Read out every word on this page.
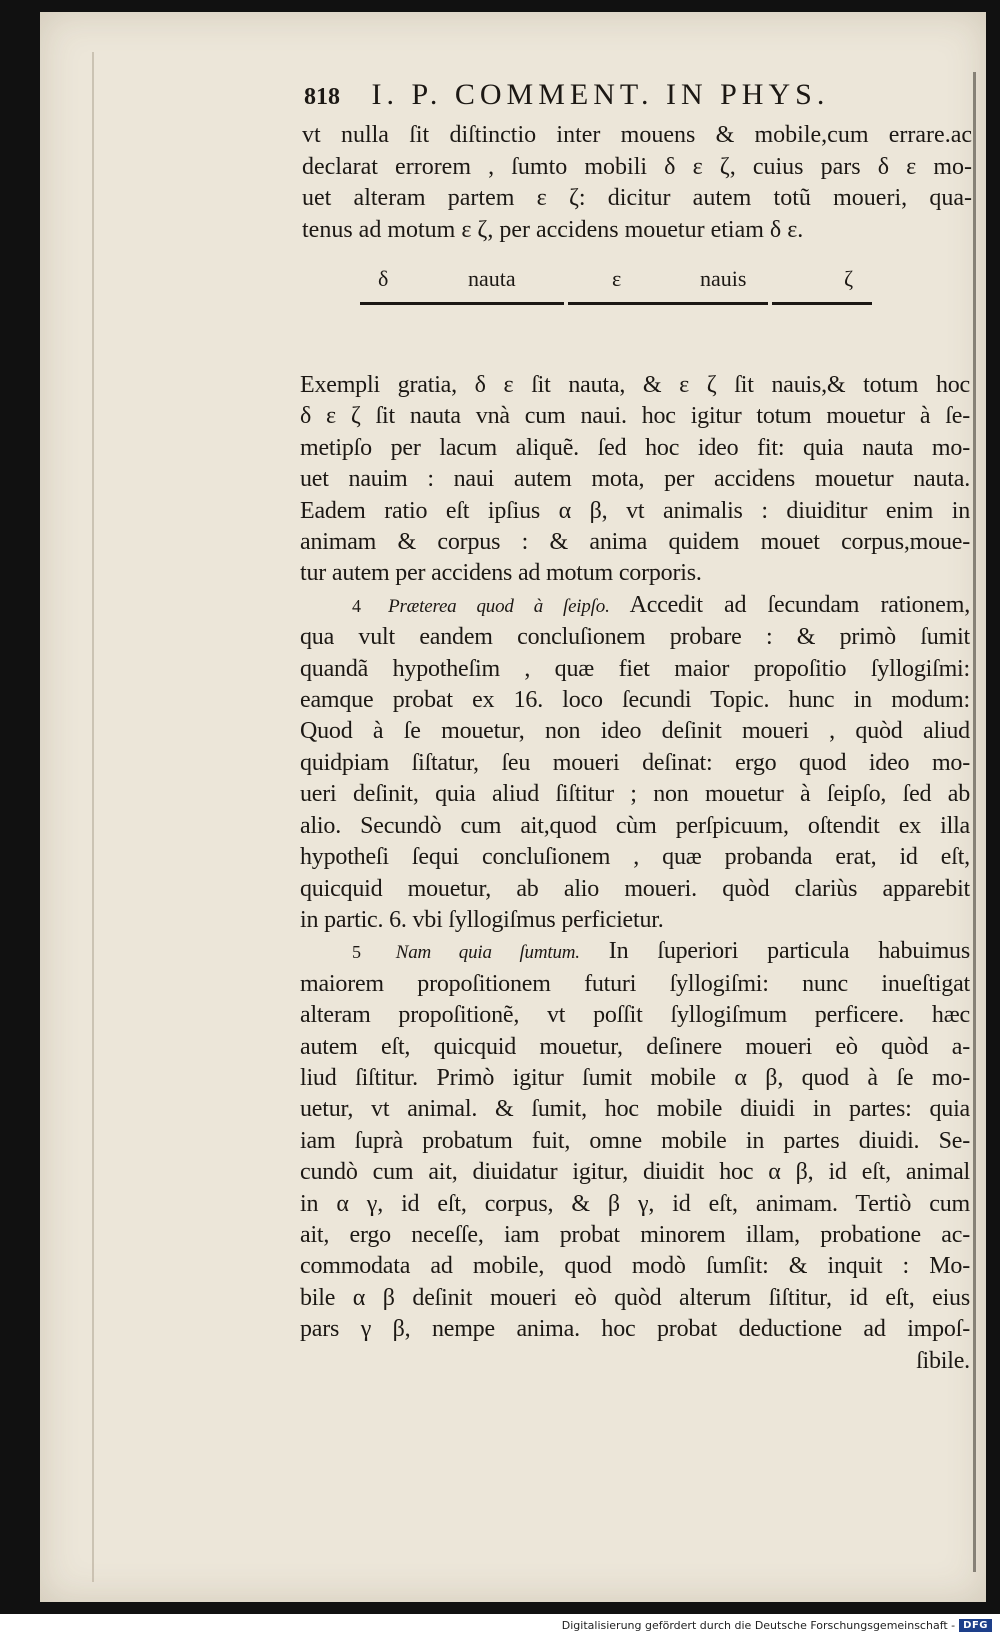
818 I. P. COMMENT. IN PHYS.

vt nulla ſit diſtinctio inter mouens & mobile,cum errare.ac
declarat errorem , ſumto mobili δ ε ζ, cuius pars δ ε mo-
uet alteram partem ε ζ: dicitur autem totũ moueri, qua-
tenus ad motum ε ζ, per accidens mouetur etiam δ ε.

δ	nauta	ε	nauis	ζ

Exempli gratia, δ ε ſit nauta, & ε ζ ſit nauis,& totum hoc
δ ε ζ ſit nauta vnà cum naui. hoc igitur totum mouetur à ſe-
metipſo per lacum aliquẽ. ſed hoc ideo fit: quia nauta mo-
uet nauim : naui autem mota, per accidens mouetur nauta.
Eadem ratio eſt ipſius α β, vt animalis : diuiditur enim in
animam & corpus : & anima quidem mouet corpus,moue-
tur autem per accidens ad motum corporis.

4 Præterea quod à ſeipſo. Accedit ad ſecundam rationem,
qua vult eandem concluſionem probare : & primò ſumit
quandã hypotheſim , quæ fiet maior propoſitio ſyllogiſmi:
eamque probat ex 16. loco ſecundi Topic. hunc in modum:
Quod à ſe mouetur, non ideo deſinit moueri , quòd aliud
quidpiam ſiſtatur, ſeu moueri deſinat: ergo quod ideo mo-
ueri deſinit, quia aliud ſiſtitur ; non mouetur à ſeipſo, ſed ab
alio. Secundò cum ait,quod cùm perſpicuum, oſtendit ex illa
hypotheſi ſequi concluſionem , quæ probanda erat, id eſt,
quicquid mouetur, ab alio moueri. quòd clariùs apparebit
in partic. 6. vbi ſyllogiſmus perficietur.

5 Nam quia ſumtum. In ſuperiori particula habuimus
maiorem propoſitionem futuri ſyllogiſmi: nunc inueſtigat
alteram propoſitionẽ, vt poſſit ſyllogiſmum perficere. hæc
autem eſt, quicquid mouetur, deſinere moueri eò quòd a-
liud ſiſtitur. Primò igitur ſumit mobile α β, quod à ſe mo-
uetur, vt animal. & ſumit, hoc mobile diuidi in partes: quia
iam ſuprà probatum fuit, omne mobile in partes diuidi. Se-
cundò cum ait, diuidatur igitur, diuidit hoc α β, id eſt, animal
in α γ, id eſt, corpus, & β γ, id eſt, animam. Tertiò cum
ait, ergo neceſſe, iam probat minorem illam, probatione ac-
commodata ad mobile, quod modò ſumſit: & inquit : Mo-
bile α β deſinit moueri eò quòd alterum ſiſtitur, id eſt, eius
pars γ β, nempe anima. hoc probat deductione ad impoſ-
ſibile.

Digitalisierung gefördert durch die Deutsche Forschungsgemeinschaft - DFG
